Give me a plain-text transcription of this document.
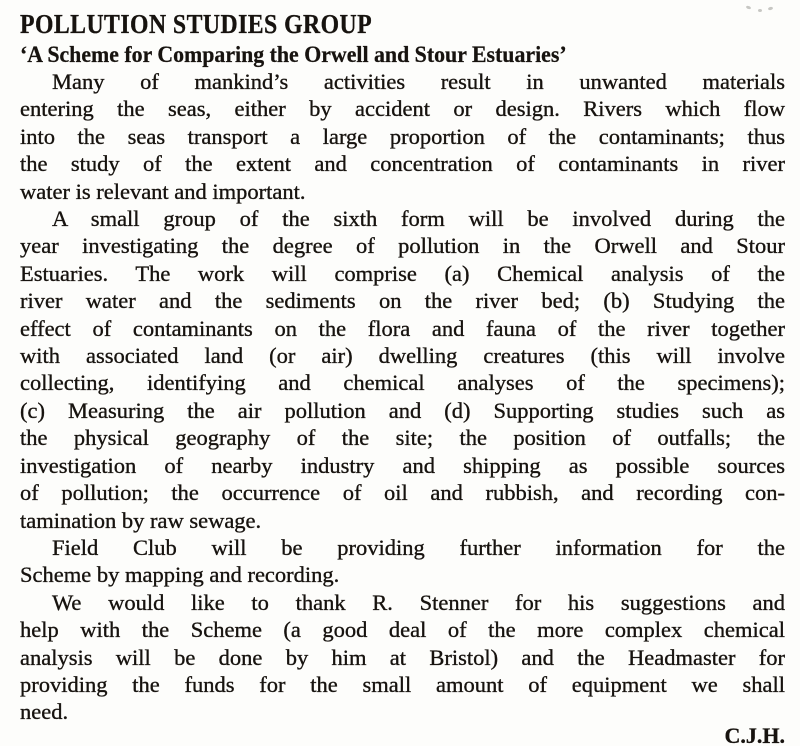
POLLUTION STUDIES GROUP
‘A Scheme for Comparing the Orwell and Stour Estuaries’
Many of mankind’s activities result in unwanted materials
entering the seas, either by accident or design. Rivers which flow
into the seas transport a large proportion of the contaminants; thus
the study of the extent and concentration of contaminants in river
water is relevant and important.
A small group of the sixth form will be involved during the
year investigating the degree of pollution in the Orwell and Stour
Estuaries. The work will comprise (a) Chemical analysis of the
river water and the sediments on the river bed; (b) Studying the
effect of contaminants on the flora and fauna of the river together
with associated land (or air) dwelling creatures (this will involve
collecting, identifying and chemical analyses of the specimens);
(c) Measuring the air pollution and (d) Supporting studies such as
the physical geography of the site; the position of outfalls; the
investigation of nearby industry and shipping as possible sources
of pollution; the occurrence of oil and rubbish, and recording con-
tamination by raw sewage.
Field Club will be providing further information for the
Scheme by mapping and recording.
We would like to thank R. Stenner for his suggestions and
help with the Scheme (a good deal of the more complex chemical
analysis will be done by him at Bristol) and the Headmaster for
providing the funds for the small amount of equipment we shall
need.
C.J.H.
